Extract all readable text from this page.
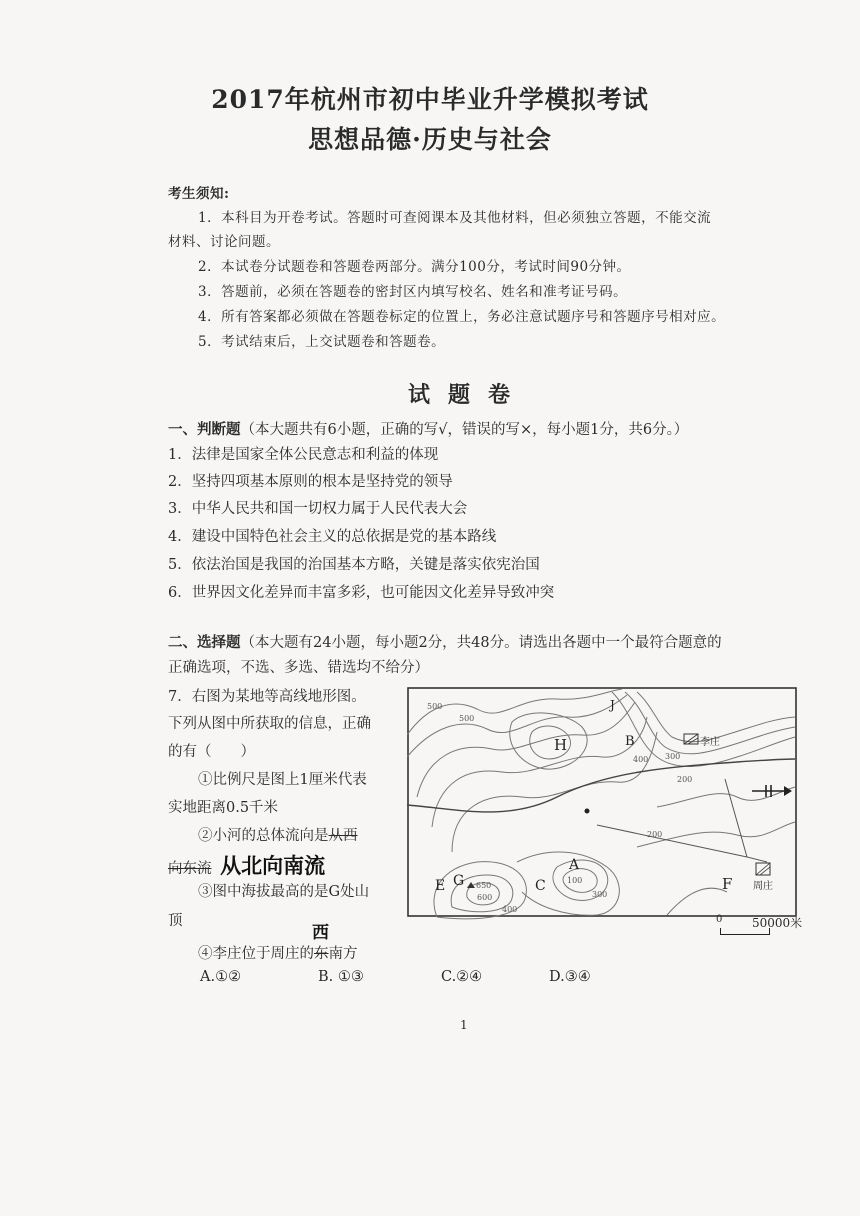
2017年杭州市初中毕业升学模拟考试
思想品德·历史与社会
考生须知:
1．本科目为开卷考试。答题时可查阅课本及其他材料，但必须独立答题，不能交流
材料、讨论问题。
2．本试卷分试题卷和答题卷两部分。满分100分，考试时间90分钟。
3．答题前，必须在答题卷的密封区内填写校名、姓名和准考证号码。
4．所有答案都必须做在答题卷标定的位置上，务必注意试题序号和答题序号相对应。
5．考试结束后，上交试题卷和答题卷。
试题卷
一、判断题（本大题共有6小题，正确的写√，错误的写×，每小题1分，共6分。）
1．法律是国家全体公民意志和利益的体现
2．坚持四项基本原则的根本是坚持党的领导
3．中华人民共和国一切权力属于人民代表大会
4．建设中国特色社会主义的总依据是党的基本路线
5．依法治国是我国的治国基本方略，关键是落实依宪治国
6．世界因文化差异而丰富多彩，也可能因文化差异导致冲突
二、选择题（本大题有24小题，每小题2分，共48分。请选出各题中一个最符合题意的
正确选项，不选、多选、错选均不给分）
7．右图为某地等高线地形图。
下列从图中所获取的信息，正确
的有（　　）
①比例尺是图上1厘米代表
实地距离0.5千米
②小河的总体流向是从西
向东流 从北向南流
③图中海拔最高的是G处山
顶
④李庄位于周庄的东
西
南方
A.①②	B. ①③	C.②④	D.③④
H	B
J
A
C
E G	F
李庄
周庄
650
600
500
500
400
100
300
200
200
300
400
0 50000米
1
